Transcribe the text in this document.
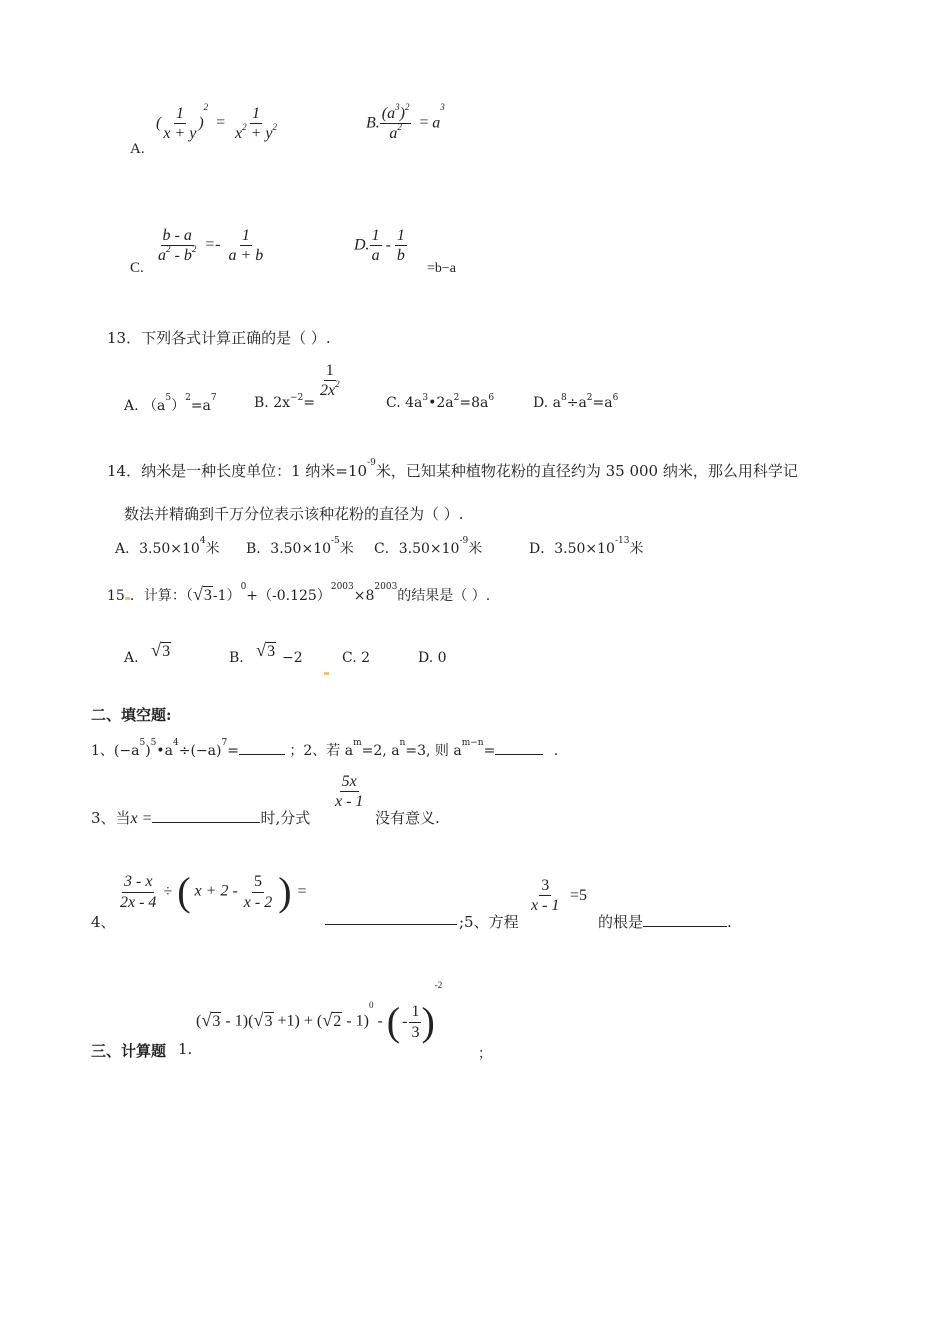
A.
( $\frac{1}{x + y} )^2 = \frac{1}{x^2 + y^2}$	B. $\frac{(a^3)^2}{a^2} = a^3$
C.
$\frac{b - a}{a^2 - b^2} =- \frac{1}{a + b}$	D. $\frac{1}{a} - \frac{1}{b}$
=b−a
13．下列各式计算正确的是（ ）.
A. $(a^5)^2=a^7$	B. $2x^{-2}=$
$\frac{1}{2x^2}$
C. $4a^3•2a^2=8a^6$	D. $a^8\div a^2=a^6$
14．纳米是一种长度单位：1 纳米$=10^{-9}$米，已知某种植物花粉的直径约为 35 000 纳米，那么用科学记
数法并精确到千万分位表示该种花粉的直径为（ ）.
A．$3.50\times 10^4$米 B．$3.50\times 10^{-5}$米 C．$3.50\times 10^{-9}$米	D．$3.50\times 10^{-13}$米
15 ．计算：（ √ 3 $-1)^0+(-0.125)^{2003}\times 8^{2003}$的结果是（ ）.
A. √ 3	B. √ 3 −2	C. 2	D. 0
二、填空题:
1、$(-a^5)^5•a^4\div(-a)^7=$	；2、若 $a^m=2$, $a^n=3$, 则 $a^{m-n}=$	.
3、当x =	时,分式
$\frac{5x}{x - 1}$
没有意义.
4、
$\frac{3 - x}{2x - 4}$ ÷ ( $x + 2 - \frac{5}{x - 2}$ ) =
;5、方程
$\frac{3}{x - 1} =5$
的根是	.
三、计算题 1.
( √ 3 - 1)( √ 3 +1) + ( √ 2 - 1)$^0$ - ( - $\frac{1}{3} )^{-2}$
；
